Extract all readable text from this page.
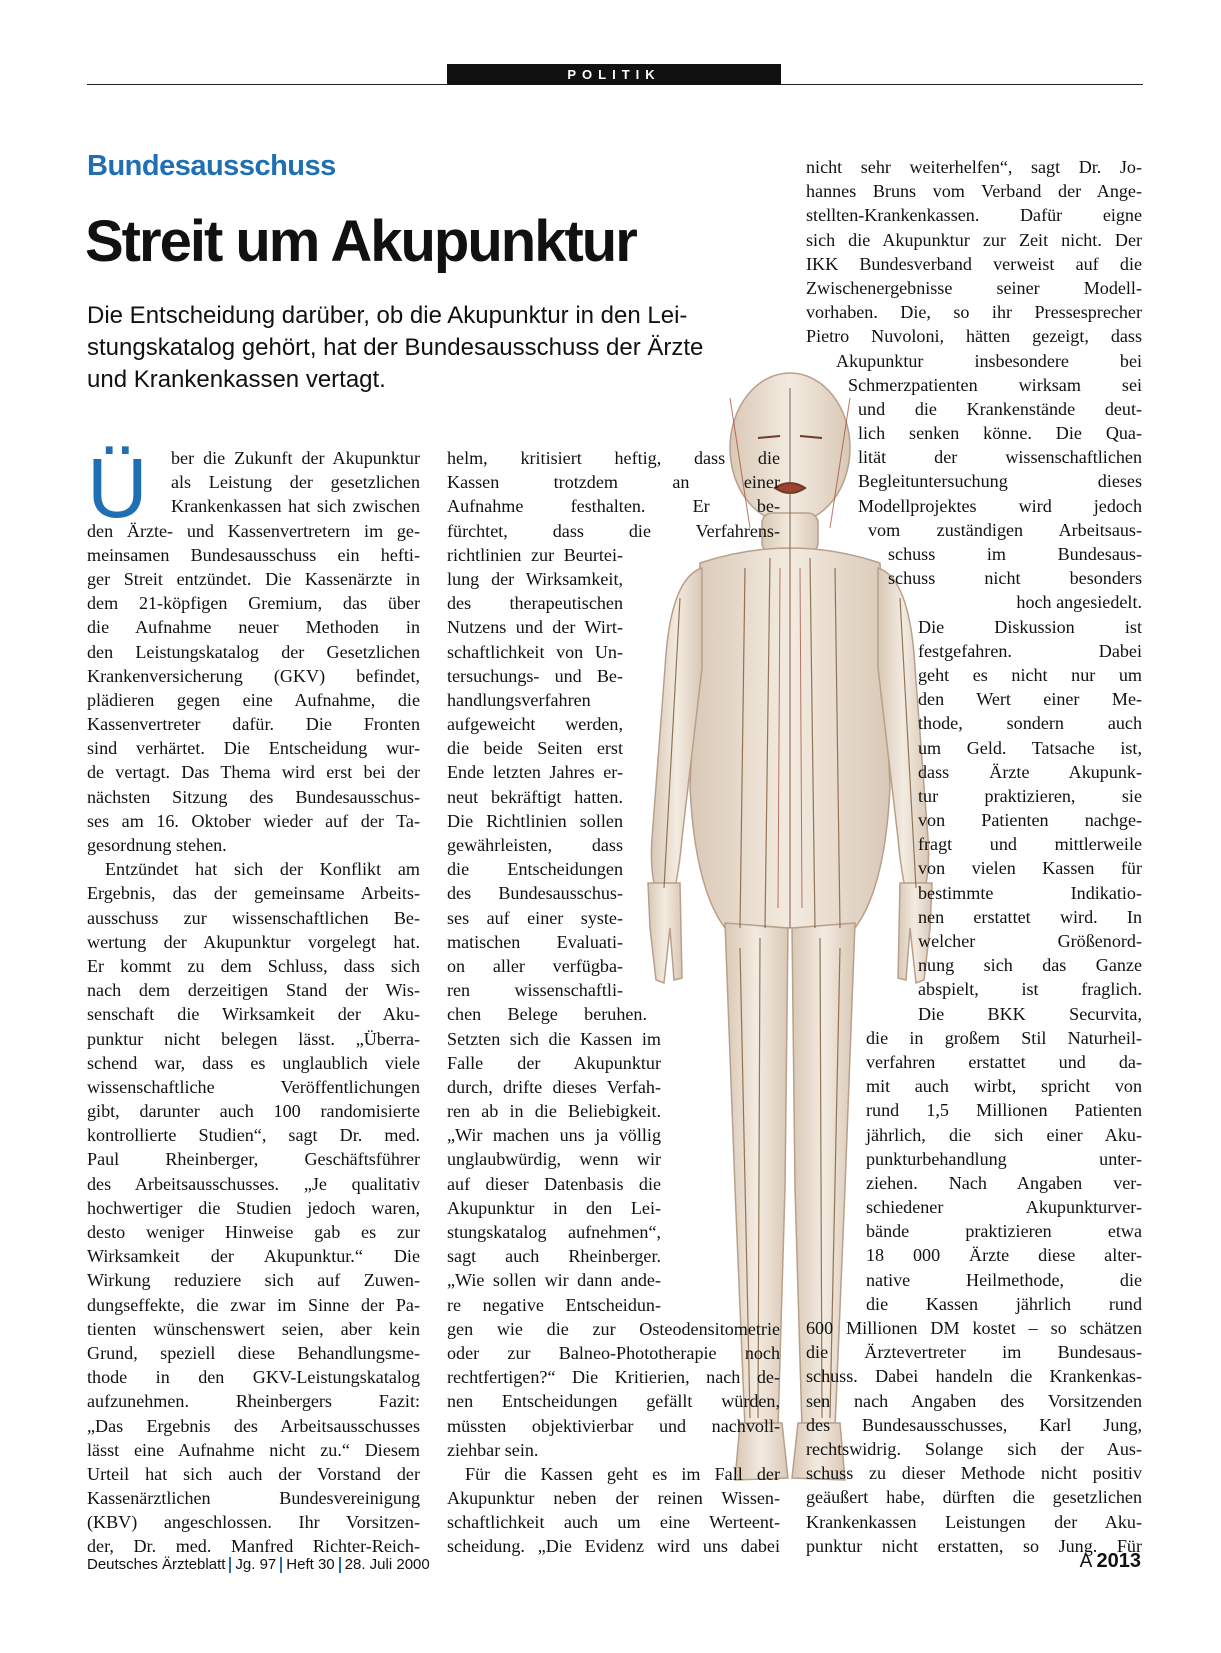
POLITIK
Bundesausschuss
Streit um Akupunktur
Die Entscheidung darüber, ob die Akupunktur in den Lei-
stungskatalog gehört, hat der Bundesausschuss der Ärzte
und Krankenkassen vertagt.
Ü	ber die Zukunft der Akupunktur
als Leistung der gesetzlichen
Krankenkassen hat sich zwischen
den Ärzte- und Kassenvertretern im ge-
meinsamen Bundesausschuss ein hefti-
ger Streit entzündet. Die Kassenärzte in
dem 21-köpfigen Gremium, das über
die Aufnahme neuer Methoden in
den Leistungskatalog der Gesetzlichen
Krankenversicherung (GKV) befindet,
plädieren gegen eine Aufnahme, die
Kassenvertreter dafür. Die Fronten
sind verhärtet. Die Entscheidung wur-
de vertagt. Das Thema wird erst bei der
nächsten Sitzung des Bundesausschus-
ses am 16. Oktober wieder auf der Ta-
gesordnung stehen.
Entzündet hat sich der Konflikt am
Ergebnis, das der gemeinsame Arbeits-
ausschuss zur wissenschaftlichen Be-
wertung der Akupunktur vorgelegt hat.
Er kommt zu dem Schluss, dass sich
nach dem derzeitigen Stand der Wis-
senschaft die Wirksamkeit der Aku-
punktur nicht belegen lässt. „Überra-
schend war, dass es unglaublich viele
wissenschaftliche Veröffentlichungen
gibt, darunter auch 100 randomisierte
kontrollierte Studien“, sagt Dr. med.
Paul Rheinberger, Geschäftsführer
des Arbeitsausschusses. „Je qualitativ
hochwertiger die Studien jedoch waren,
desto weniger Hinweise gab es zur
Wirksamkeit der Akupunktur.“ Die
Wirkung reduziere sich auf Zuwen-
dungseffekte, die zwar im Sinne der Pa-
tienten wünschenswert seien, aber kein
Grund, speziell diese Behandlungsme-
thode in den GKV-Leistungskatalog
aufzunehmen. Rheinbergers Fazit:
„Das Ergebnis des Arbeitsausschusses
lässt eine Aufnahme nicht zu.“ Diesem
Urteil hat sich auch der Vorstand der
Kassenärztlichen Bundesvereinigung
(KBV) angeschlossen. Ihr Vorsitzen-
der, Dr. med. Manfred Richter-Reich-
helm, kritisiert heftig, dass die
Kassen trotzdem an einer
Aufnahme festhalten. Er be-
fürchtet, dass die Verfahrens-
richtlinien zur Beurtei-
lung der Wirksamkeit,
des therapeutischen
Nutzens und der Wirt-
schaftlichkeit von Un-
tersuchungs- und Be-
handlungsverfahren
aufgeweicht werden,
die beide Seiten erst
Ende letzten Jahres er-
neut bekräftigt hatten.
Die Richtlinien sollen
gewährleisten, dass
die Entscheidungen
des Bundesausschus-
ses auf einer syste-
matischen Evaluati-
on aller verfügba-
ren wissenschaftli-
chen Belege beruhen.
Setzten sich die Kassen im
Falle der Akupunktur
durch, drifte dieses Verfah-
ren ab in die Beliebigkeit.
„Wir machen uns ja völlig
unglaubwürdig, wenn wir
auf dieser Datenbasis die
Akupunktur in den Lei-
stungskatalog aufnehmen“,
sagt auch Rheinberger.
„Wie sollen wir dann ande-
re negative Entscheidun-
gen wie die zur Osteodensitometrie
oder zur Balneo-Phototherapie noch
rechtfertigen?“ Die Kritierien, nach de-
nen Entscheidungen gefällt würden,
müssten objektivierbar und nachvoll-
ziehbar sein.
Für die Kassen geht es im Fall der
Akupunktur neben der reinen Wissen-
schaftlichkeit auch um eine Werteent-
scheidung. „Die Evidenz wird uns dabei
nicht sehr weiterhelfen“, sagt Dr. Jo-
hannes Bruns vom Verband der Ange-
stellten-Krankenkassen. Dafür eigne
sich die Akupunktur zur Zeit nicht. Der
IKK Bundesverband verweist auf die
Zwischenergebnisse seiner Modell-
vorhaben. Die, so ihr Pressesprecher
Pietro Nuvoloni, hätten gezeigt, dass
Akupunktur insbesondere bei
Schmerzpatienten wirksam sei
und die Krankenstände deut-
lich senken könne. Die Qua-
lität der wissenschaftlichen
Begleituntersuchung dieses
Modellprojektes wird jedoch
vom zuständigen Arbeitsaus-
schuss im Bundesaus-
schuss nicht besonders
hoch angesiedelt.
Die Diskussion ist
festgefahren. Dabei
geht es nicht nur um
den Wert einer Me-
thode, sondern auch
um Geld. Tatsache ist,
dass Ärzte Akupunk-
tur praktizieren, sie
von Patienten nachge-
fragt und mittlerweile
von vielen Kassen für
bestimmte Indikatio-
nen erstattet wird. In
welcher Größenord-
nung sich das Ganze
abspielt, ist fraglich.
Die BKK Securvita,
die in großem Stil Naturheil-
verfahren erstattet und da-
mit auch wirbt, spricht von
rund 1,5 Millionen Patienten
jährlich, die sich einer Aku-
punkturbehandlung unter-
ziehen. Nach Angaben ver-
schiedener Akupunkturver-
bände praktizieren etwa
18 000 Ärzte diese alter-
native Heilmethode, die
die Kassen jährlich rund
600 Millionen DM kostet – so schätzen
die Ärztevertreter im Bundesaus-
schuss. Dabei handeln die Krankenkas-
sen nach Angaben des Vorsitzenden
des Bundesausschusses, Karl Jung,
rechtswidrig. Solange sich der Aus-
schuss zu dieser Methode nicht positiv
geäußert habe, dürften die gesetzlichen
Krankenkassen Leistungen der Aku-
punktur nicht erstatten, so Jung. Für
Deutsches Ärzteblatt Jg. 97 Heft 30 28. Juli 2000	A 2013
